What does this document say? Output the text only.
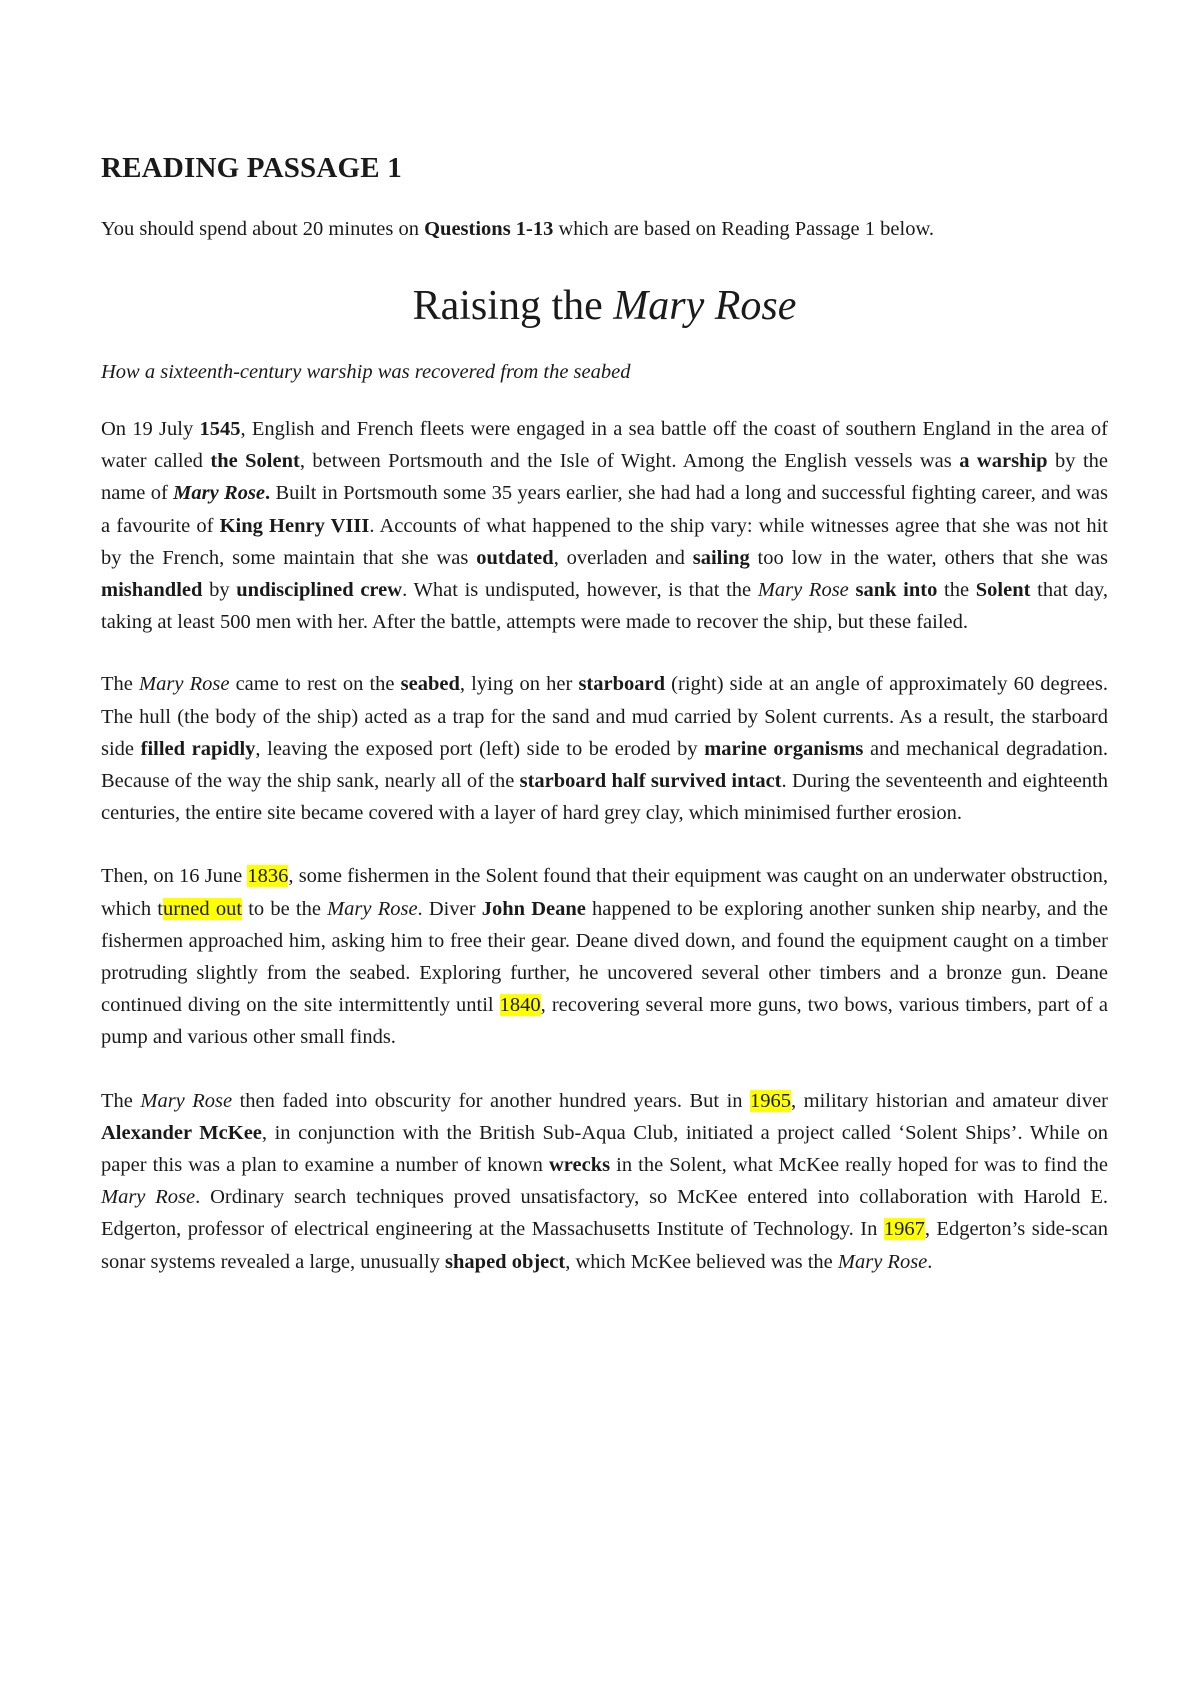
READING PASSAGE 1
You should spend about 20 minutes on Questions 1-13 which are based on Reading Passage 1 below.
Raising the Mary Rose
How a sixteenth-century warship was recovered from the seabed

On 19 July 1545, English and French fleets were engaged in a sea battle off the coast of southern England in the area of water called the Solent, between Portsmouth and the Isle of Wight. Among the English vessels was a warship by the name of Mary Rose. Built in Portsmouth some 35 years earlier, she had had a long and successful fighting career, and was a favourite of King Henry VIII. Accounts of what happened to the ship vary: while witnesses agree that she was not hit by the French, some maintain that she was outdated, overladen and sailing too low in the water, others that she was mishandled by undisciplined crew. What is undisputed, however, is that the Mary Rose sank into the Solent that day, taking at least 500 men with her. After the battle, attempts were made to recover the ship, but these failed.

The Mary Rose came to rest on the seabed, lying on her starboard (right) side at an angle of approximately 60 degrees. The hull (the body of the ship) acted as a trap for the sand and mud carried by Solent currents. As a result, the starboard side filled rapidly, leaving the exposed port (left) side to be eroded by marine organisms and mechanical degradation. Because of the way the ship sank, nearly all of the starboard half survived intact. During the seventeenth and eighteenth centuries, the entire site became covered with a layer of hard grey clay, which minimised further erosion.

Then, on 16 June 1836, some fishermen in the Solent found that their equipment was caught on an underwater obstruction, which turned out to be the Mary Rose. Diver John Deane happened to be exploring another sunken ship nearby, and the fishermen approached him, asking him to free their gear. Deane dived down, and found the equipment caught on a timber protruding slightly from the seabed. Exploring further, he uncovered several other timbers and a bronze gun. Deane continued diving on the site intermittently until 1840, recovering several more guns, two bows, various timbers, part of a pump and various other small finds.

The Mary Rose then faded into obscurity for another hundred years. But in 1965, military historian and amateur diver Alexander McKee, in conjunction with the British Sub-Aqua Club, initiated a project called ‘Solent Ships’. While on paper this was a plan to examine a number of known wrecks in the Solent, what McKee really hoped for was to find the Mary Rose. Ordinary search techniques proved unsatisfactory, so McKee entered into collaboration with Harold E. Edgerton, professor of electrical engineering at the Massachusetts Institute of Technology. In 1967, Edgerton’s side-scan sonar systems revealed a large, unusually shaped object, which McKee believed was the Mary Rose.
